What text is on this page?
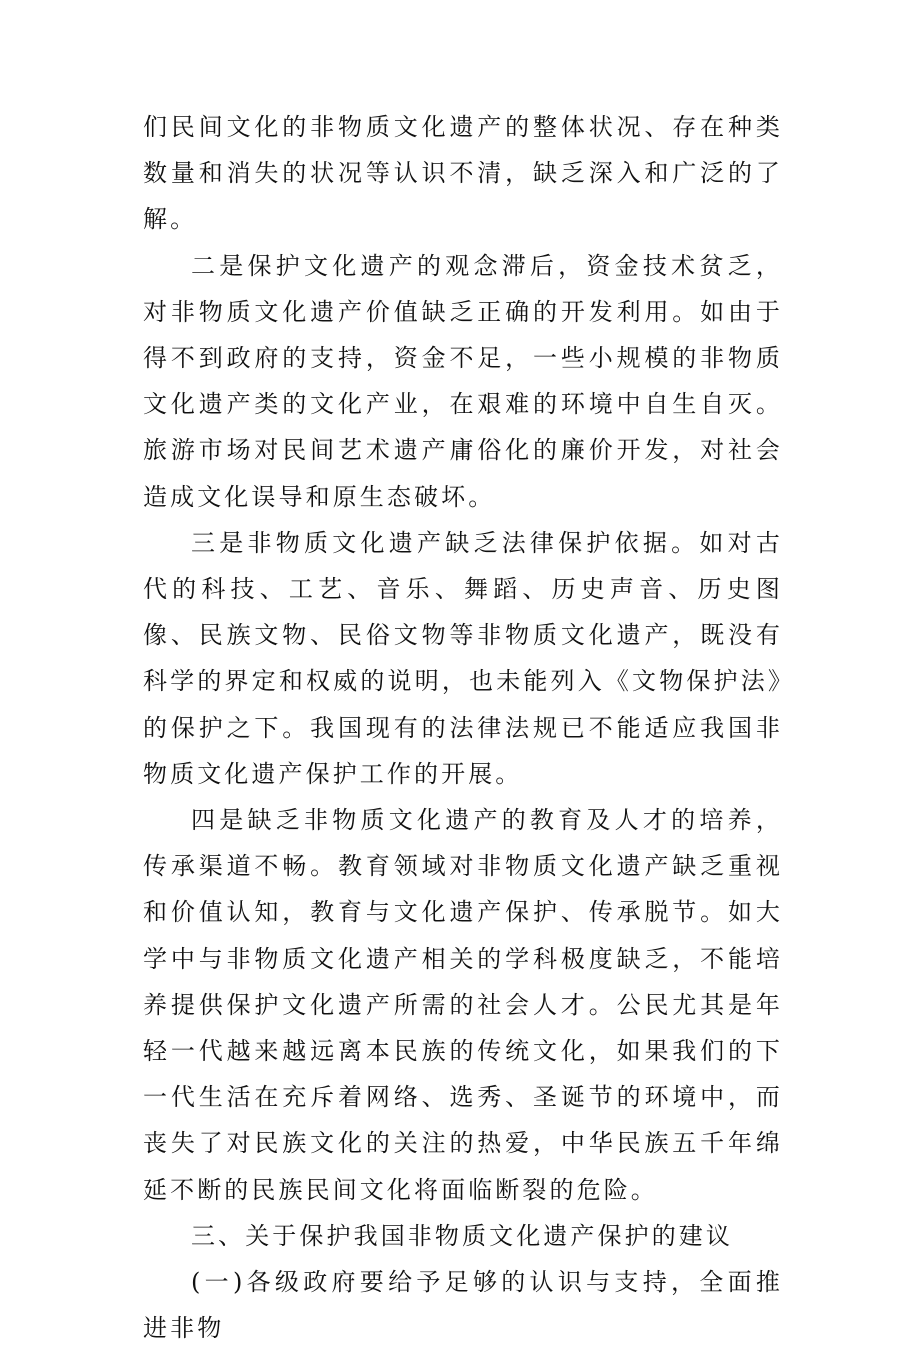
们民间文化的非物质文化遗产的整体状况、存在种类数量和消失的状况等认识不清，缺乏深入和广泛的了解。

二是保护文化遗产的观念滞后，资金技术贫乏，对非物质文化遗产价值缺乏正确的开发利用。如由于得不到政府的支持，资金不足，一些小规模的非物质文化遗产类的文化产业，在艰难的环境中自生自灭。旅游市场对民间艺术遗产庸俗化的廉价开发，对社会造成文化误导和原生态破坏。

三是非物质文化遗产缺乏法律保护依据。如对古代的科技、工艺、音乐、舞蹈、历史声音、历史图像、民族文物、民俗文物等非物质文化遗产，既没有科学的界定和权威的说明，也未能列入《文物保护法》的保护之下。我国现有的法律法规已不能适应我国非物质文化遗产保护工作的开展。

四是缺乏非物质文化遗产的教育及人才的培养，传承渠道不畅。教育领域对非物质文化遗产缺乏重视和价值认知，教育与文化遗产保护、传承脱节。如大学中与非物质文化遗产相关的学科极度缺乏，不能培养提供保护文化遗产所需的社会人才。公民尤其是年轻一代越来越远离本民族的传统文化，如果我们的下一代生活在充斥着网络、选秀、圣诞节的环境中，而丧失了对民族文化的关注的热爱，中华民族五千年绵延不断的民族民间文化将面临断裂的危险。

三、关于保护我国非物质文化遗产保护的建议

(一)各级政府要给予足够的认识与支持，全面推进非物
